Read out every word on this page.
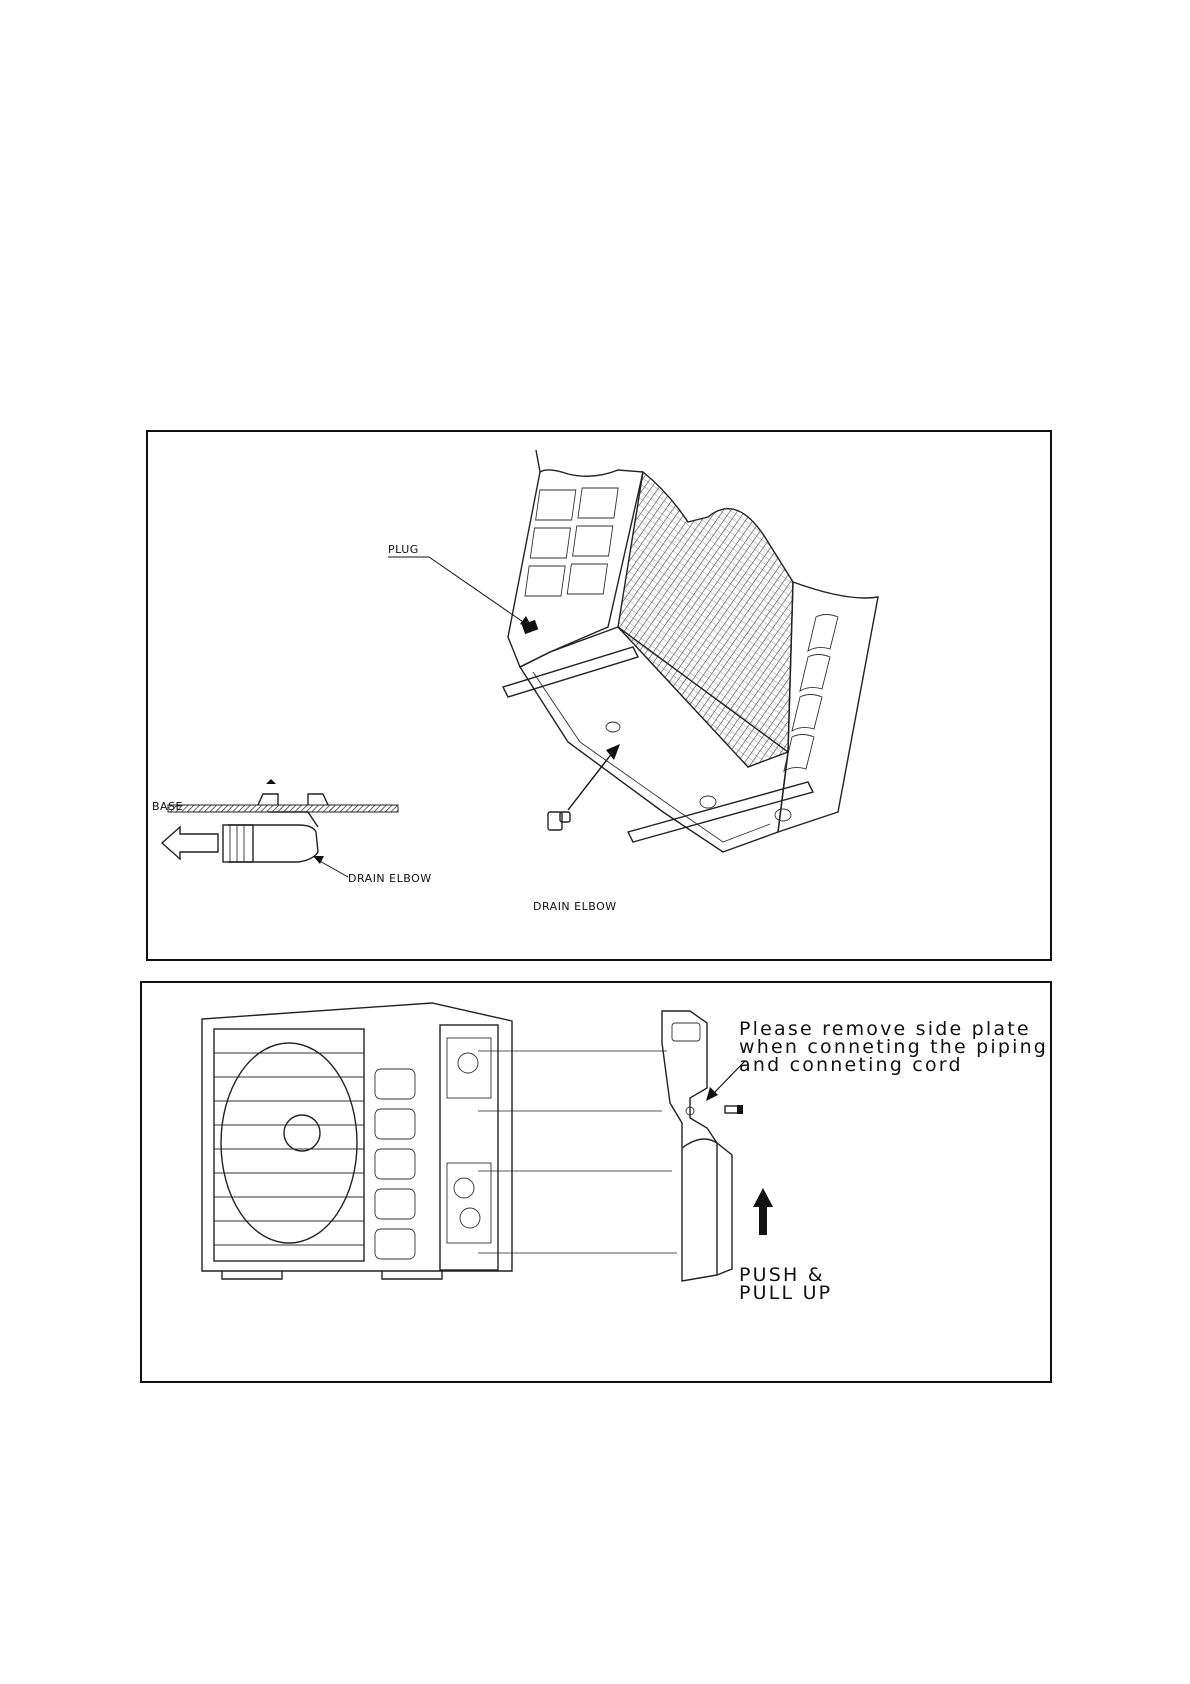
PLUG
BASE
DRAIN ELBOW
DRAIN ELBOW
Please remove side plate
when conneting the piping
and conneting cord
PUSH &
PULL UP
